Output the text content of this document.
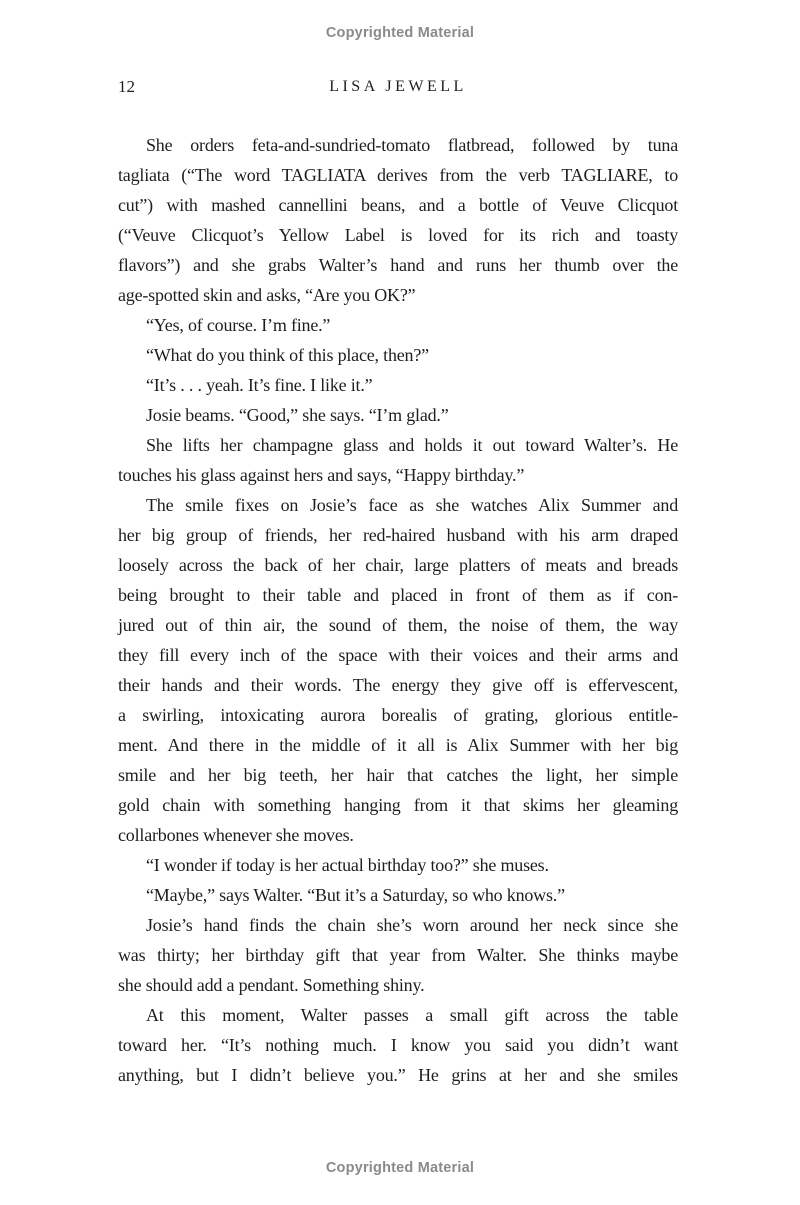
Copyrighted Material
12	LISA JEWELL
She orders feta-and-sundried-tomato flatbread, followed by tuna
tagliata (“The word TAGLIATA derives from the verb TAGLIARE, to
cut”) with mashed cannellini beans, and a bottle of Veuve Clicquot
(“Veuve Clicquot’s Yellow Label is loved for its rich and toasty
flavors”) and she grabs Walter’s hand and runs her thumb over the
age-spotted skin and asks, “Are you OK?”
“Yes, of course. I’m fine.”
“What do you think of this place, then?”
“It’s . . . yeah. It’s fine. I like it.”
Josie beams. “Good,” she says. “I’m glad.”
She lifts her champagne glass and holds it out toward Walter’s. He
touches his glass against hers and says, “Happy birthday.”
The smile fixes on Josie’s face as she watches Alix Summer and
her big group of friends, her red-haired husband with his arm draped
loosely across the back of her chair, large platters of meats and breads
being brought to their table and placed in front of them as if con-
jured out of thin air, the sound of them, the noise of them, the way
they fill every inch of the space with their voices and their arms and
their hands and their words. The energy they give off is effervescent,
a swirling, intoxicating aurora borealis of grating, glorious entitle-
ment. And there in the middle of it all is Alix Summer with her big
smile and her big teeth, her hair that catches the light, her simple
gold chain with something hanging from it that skims her gleaming
collarbones whenever she moves.
“I wonder if today is her actual birthday too?” she muses.
“Maybe,” says Walter. “But it’s a Saturday, so who knows.”
Josie’s hand finds the chain she’s worn around her neck since she
was thirty; her birthday gift that year from Walter. She thinks maybe
she should add a pendant. Something shiny.
At this moment, Walter passes a small gift across the table
toward her. “It’s nothing much. I know you said you didn’t want
anything, but I didn’t believe you.” He grins at her and she smiles
Copyrighted Material
